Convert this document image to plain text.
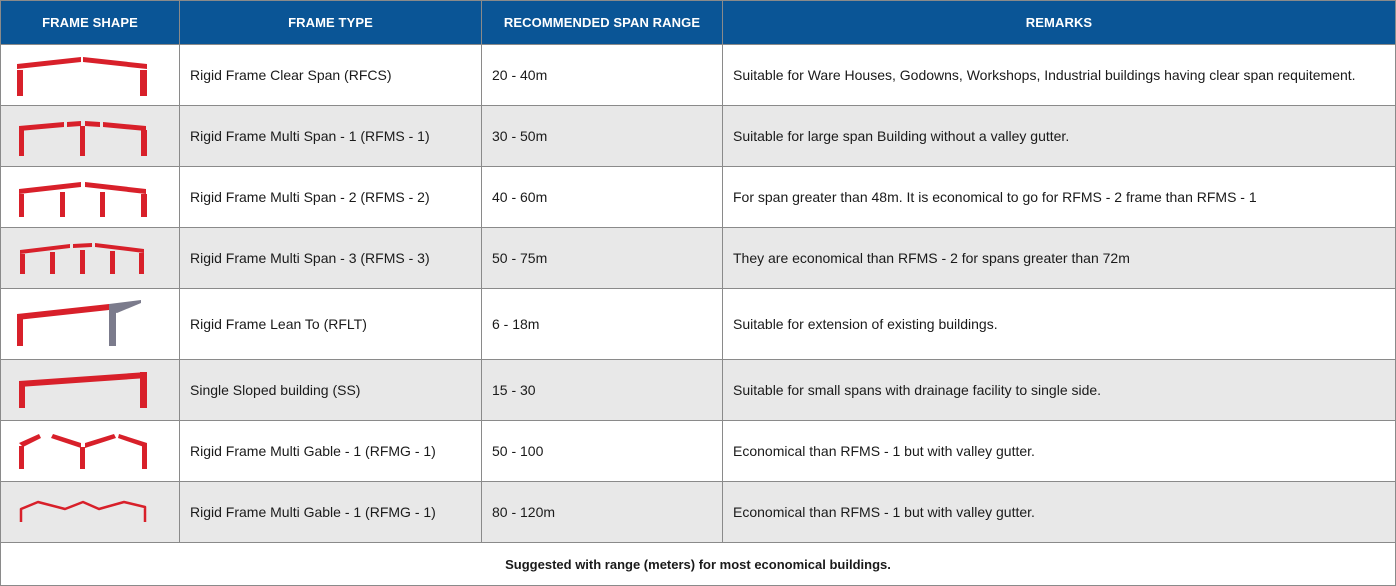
FRAME SHAPE	FRAME TYPE	RECOMMENDED SPAN RANGE	REMARKS

	Rigid Frame Clear Span (RFCS)	20 - 40m	Suitable for Ware Houses, Godowns, Workshops, Industrial buildings having clear span requitement.

	Rigid Frame Multi Span - 1 (RFMS - 1)	30 - 50m	Suitable for large span Building without a valley gutter.

	Rigid Frame Multi Span - 2 (RFMS - 2)	40 - 60m	For span greater than 48m. It is economical to go for RFMS - 2 frame than RFMS - 1

	Rigid Frame Multi Span - 3 (RFMS - 3)	50 - 75m	They are economical than RFMS - 2 for spans greater than 72m

	Rigid Frame Lean To (RFLT)	6 - 18m	Suitable for extension of existing buildings.

	Single Sloped building (SS)	15 - 30	Suitable for small spans with drainage facility to single side.

	Rigid Frame Multi Gable - 1 (RFMG - 1)	50 - 100	Economical than RFMS - 1 but with valley gutter.

	Rigid Frame Multi Gable - 1 (RFMG - 1)	80 - 120m	Economical than RFMS - 1 but with valley gutter.
Suggested with range (meters) for most economical buildings.			
